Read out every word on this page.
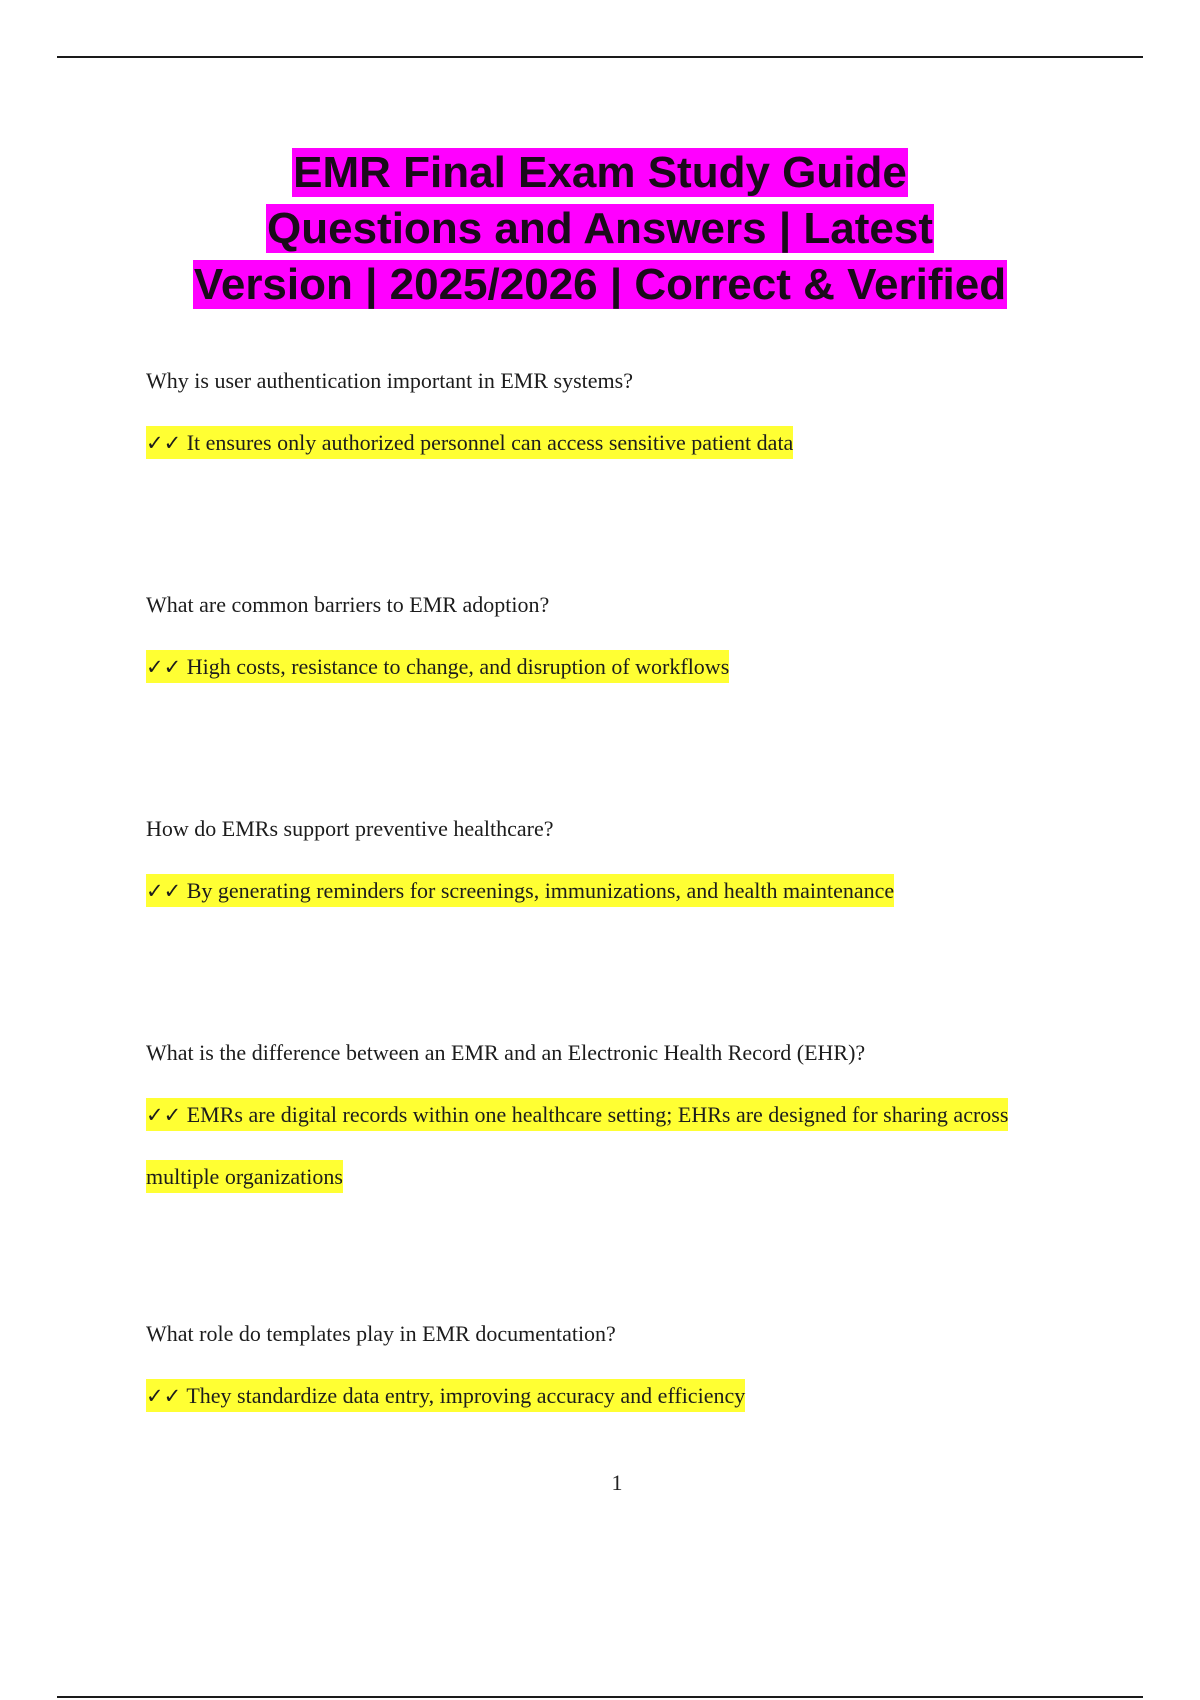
EMR Final Exam Study Guide
Questions and Answers | Latest
Version | 2025/2026 | Correct & Verified
Why is user authentication important in EMR systems?
✓✓ It ensures only authorized personnel can access sensitive patient data
What are common barriers to EMR adoption?
✓✓ High costs, resistance to change, and disruption of workflows
How do EMRs support preventive healthcare?
✓✓ By generating reminders for screenings, immunizations, and health maintenance
What is the difference between an EMR and an Electronic Health Record (EHR)?
✓✓ EMRs are digital records within one healthcare setting; EHRs are designed for sharing across multiple organizations
What role do templates play in EMR documentation?
✓✓ They standardize data entry, improving accuracy and efficiency
1
